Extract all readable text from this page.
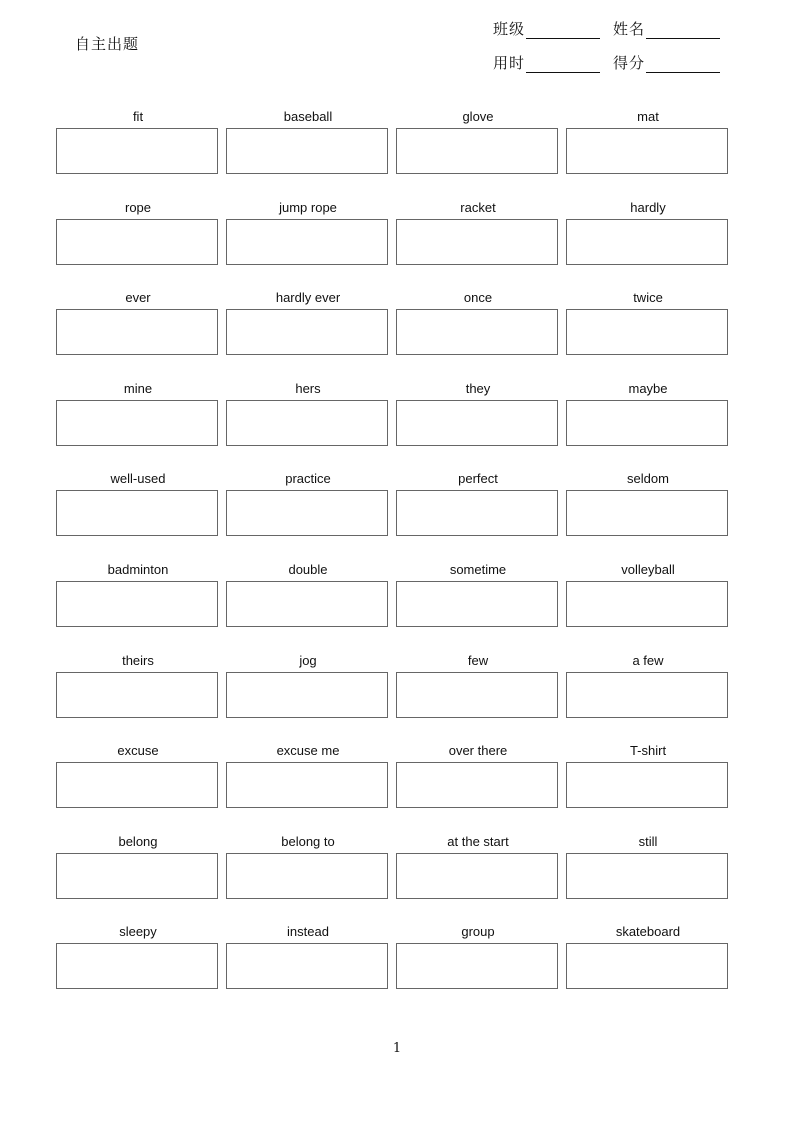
自主出题
班级	姓名
用时	得分
fit	baseball	glove	mat
rope	jump rope	racket	hardly
ever	hardly ever	once	twice
mine	hers	they	maybe
well-used	practice	perfect	seldom
badminton	double	sometime	volleyball
theirs	jog	few	a few
excuse	excuse me	over there	T-shirt
belong	belong to	at the start	still
sleepy	instead	group	skateboard
1
